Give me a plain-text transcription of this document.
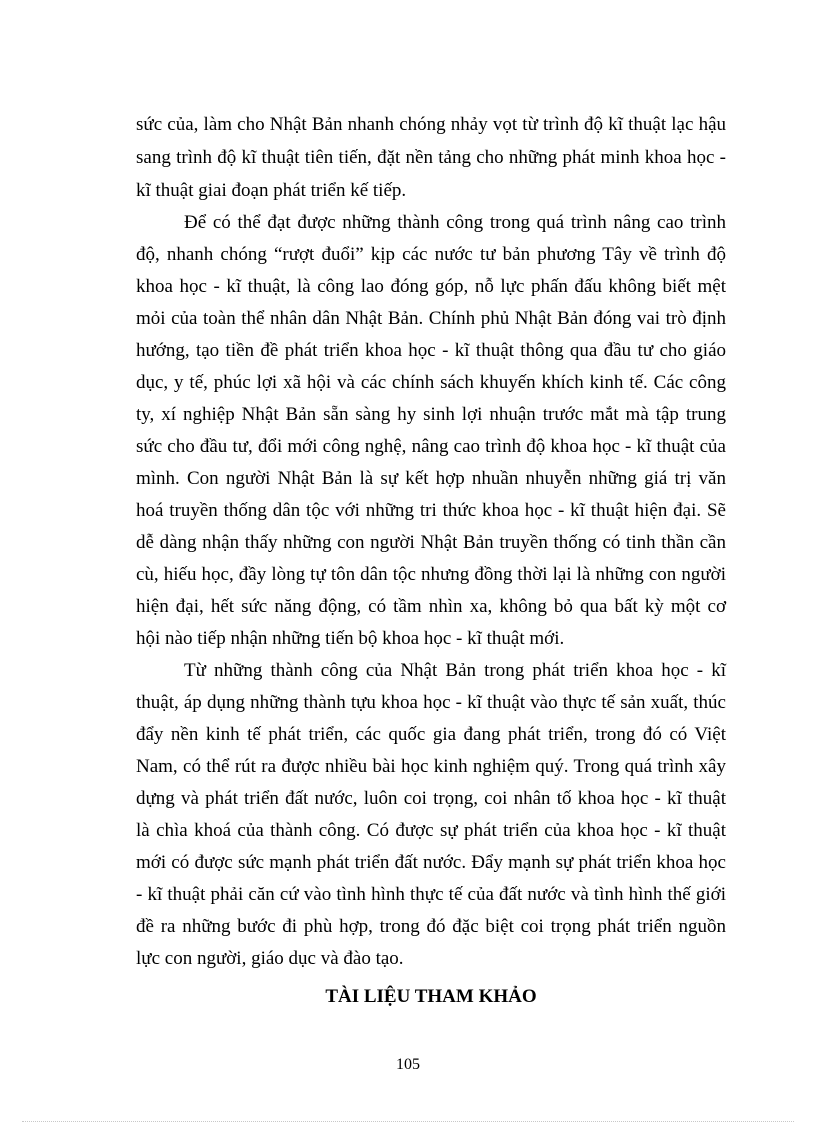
sức của, làm cho Nhật Bản nhanh chóng nhảy vọt từ trình độ kĩ thuật lạc hậu
sang trình độ kĩ thuật tiên tiến, đặt nền tảng cho những phát minh khoa học -
kĩ thuật giai đoạn phát triển kế tiếp.
Để có thể đạt được những thành công trong quá trình nâng cao trình
độ, nhanh chóng “rượt đuổi” kịp các nước tư bản phương Tây về trình độ
khoa học - kĩ thuật, là công lao đóng góp, nỗ lực phấn đấu không biết mệt
mỏi của toàn thể nhân dân Nhật Bản. Chính phủ Nhật Bản đóng vai trò định
hướng, tạo tiền đề phát triển khoa học - kĩ thuật thông qua đầu tư cho giáo
dục, y tế, phúc lợi xã hội và các chính sách khuyến khích kinh tế. Các công
ty, xí nghiệp Nhật Bản sẵn sàng hy sinh lợi nhuận trước mắt mà tập trung
sức cho đầu tư, đổi mới công nghệ, nâng cao trình độ khoa học - kĩ thuật của
mình. Con người Nhật Bản là sự kết hợp nhuần nhuyễn những giá trị văn
hoá truyền thống dân tộc với những tri thức khoa học - kĩ thuật hiện đại. Sẽ
dễ dàng nhận thấy những con người Nhật Bản truyền thống có tinh thần cần
cù, hiếu học, đầy lòng tự tôn dân tộc nhưng đồng thời lại là những con người
hiện đại, hết sức năng động, có tầm nhìn xa, không bỏ qua bất kỳ một cơ
hội nào tiếp nhận những tiến bộ khoa học - kĩ thuật mới.
Từ những thành công của Nhật Bản trong phát triển khoa học - kĩ
thuật, áp dụng những thành tựu khoa học - kĩ thuật vào thực tế sản xuất, thúc
đẩy nền kinh tế phát triển, các quốc gia đang phát triển, trong đó có Việt
Nam, có thể rút ra được nhiều bài học kinh nghiệm quý. Trong quá trình xây
dựng và phát triển đất nước, luôn coi trọng, coi nhân tố khoa học - kĩ thuật
là chìa khoá của thành công. Có được sự phát triển của khoa học - kĩ thuật
mới có được sức mạnh phát triển đất nước. Đẩy mạnh sự phát triển khoa học
- kĩ thuật phải căn cứ vào tình hình thực tế của đất nước và tình hình thế giới
đề ra những bước đi phù hợp, trong đó đặc biệt coi trọng phát triển nguồn
lực con người, giáo dục và đào tạo.
TÀI LIỆU THAM KHẢO
105
